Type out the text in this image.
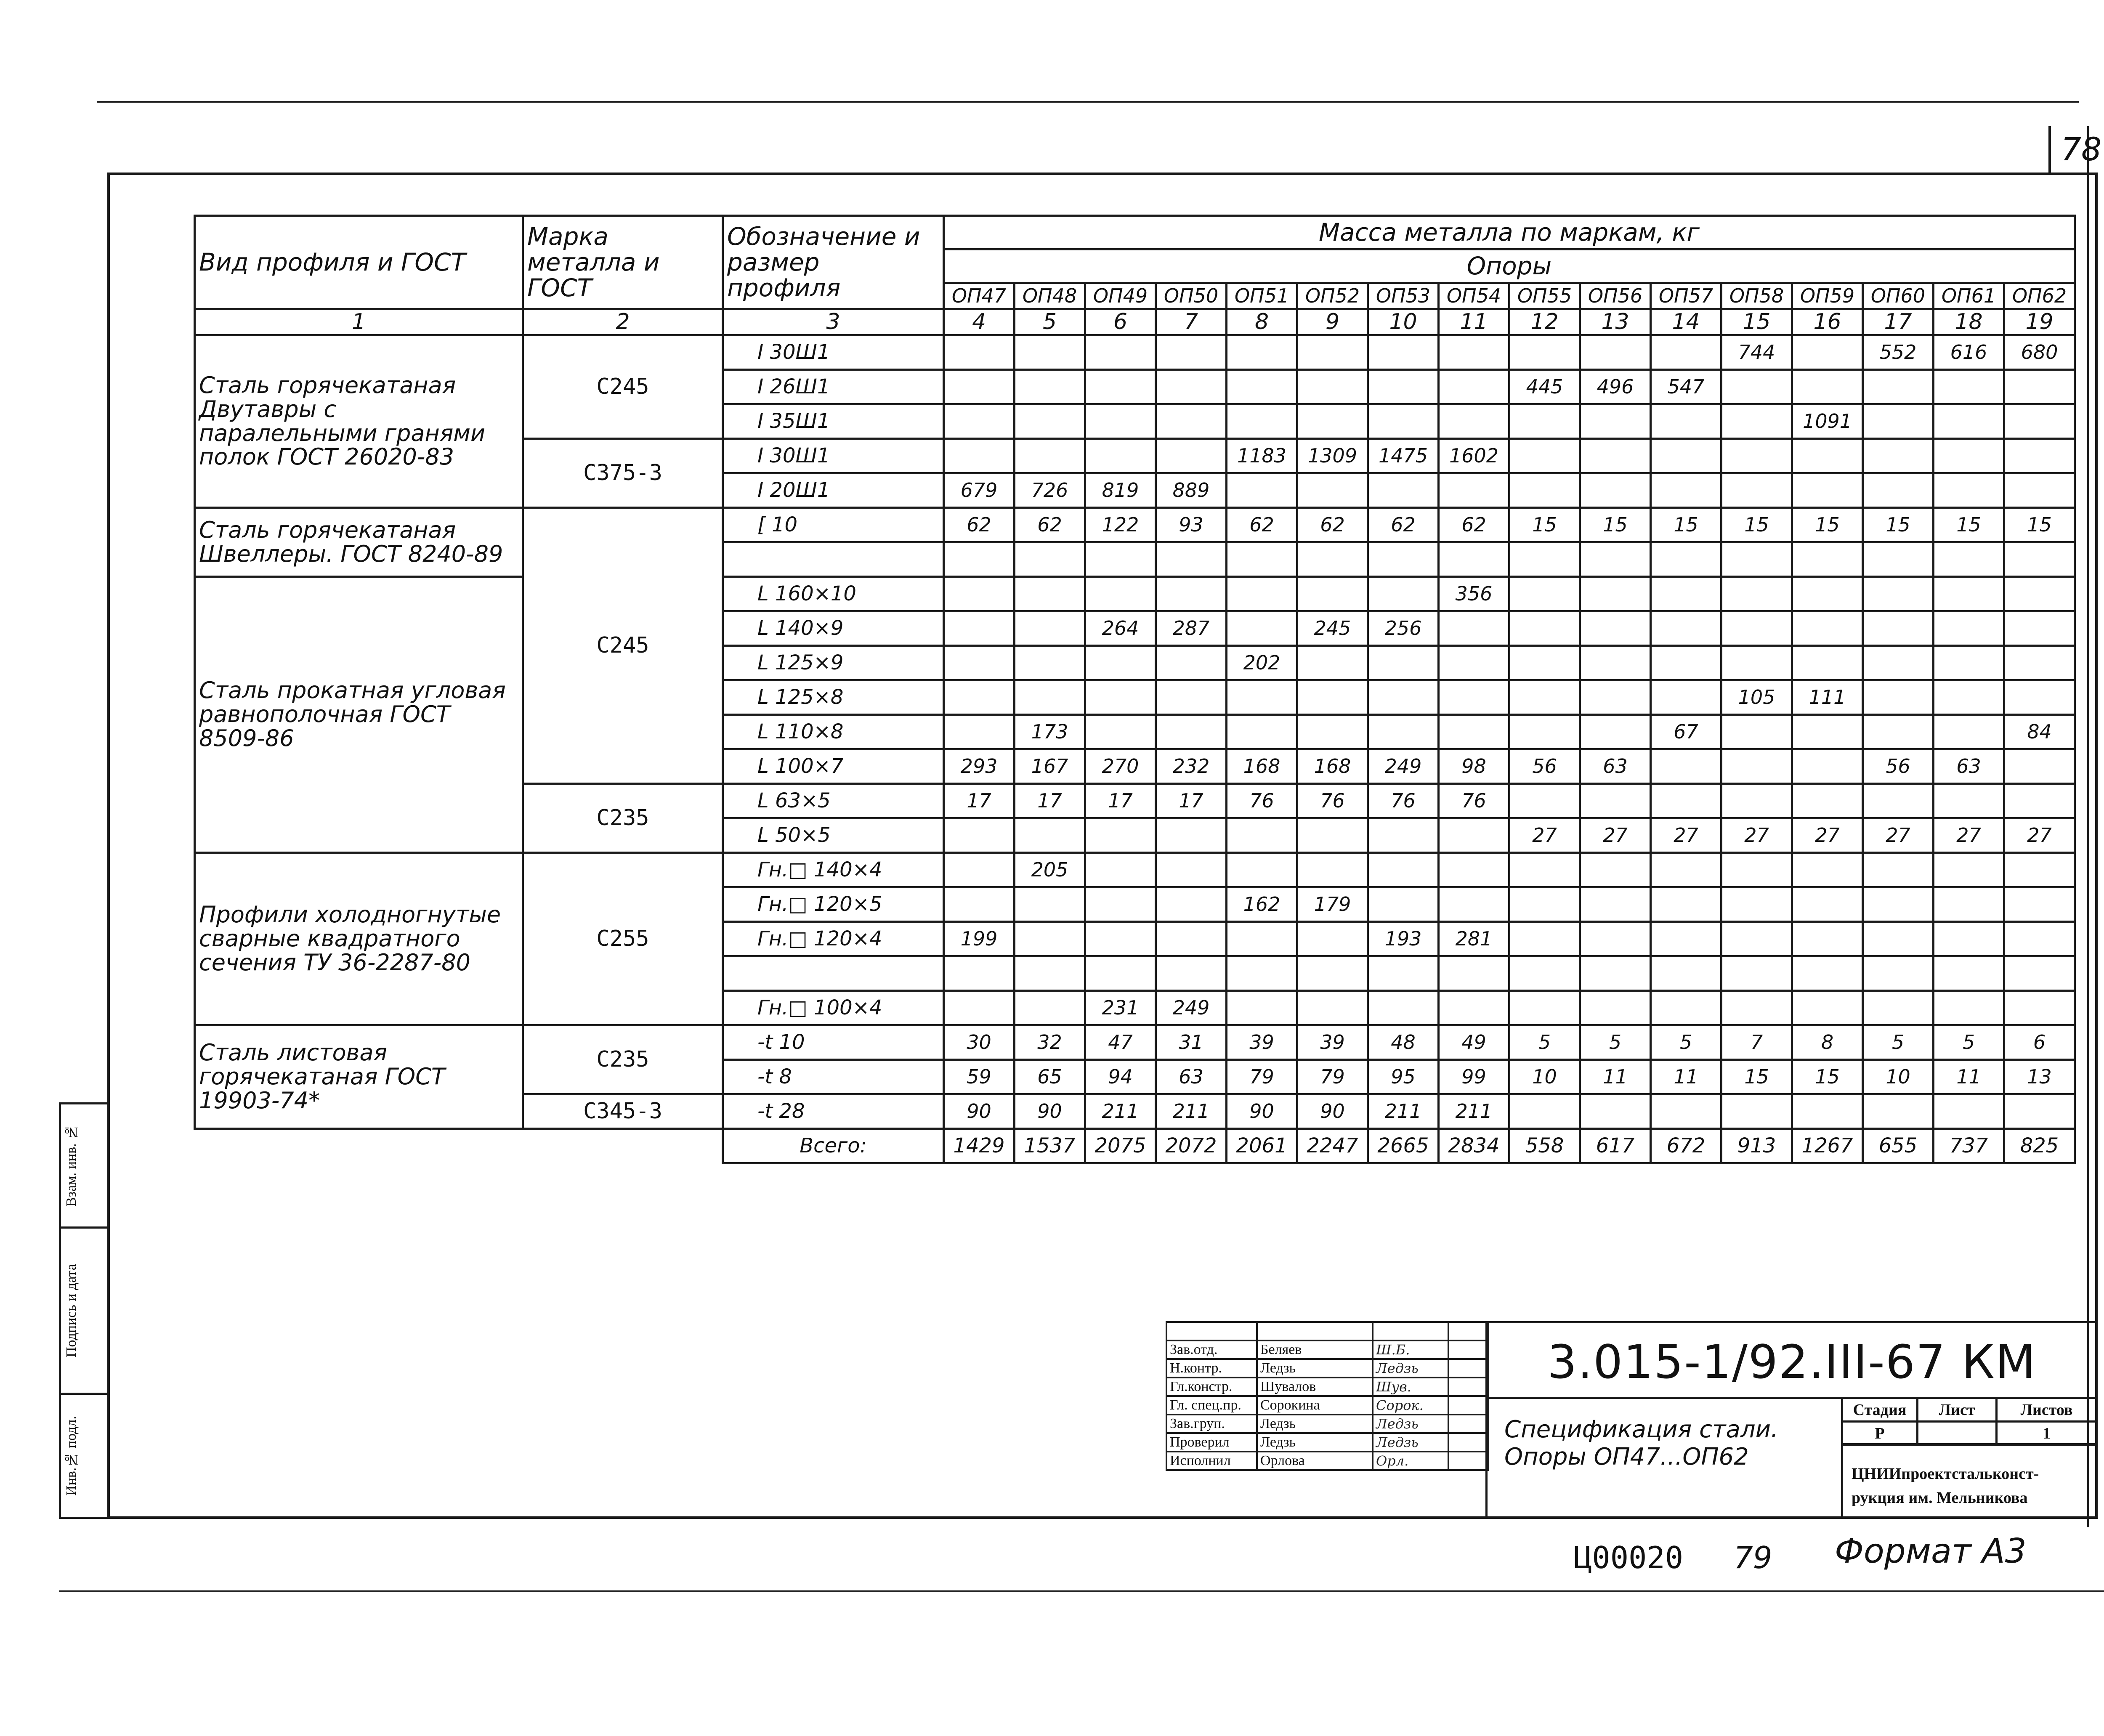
78
Взам. инв. №
Подпись и дата
Инв.№ подл.
Вид профиля и ГОСТ	Марка металла и ГОСТ	Обозначение и размер профиля	Масса металла по маркам, кг															
			Опоры															
			ОП47	ОП48	ОП49	ОП50	ОП51	ОП52	ОП53	ОП54	ОП55	ОП56	ОП57	ОП58	ОП59	ОП60	ОП61	ОП62
1	2	3	4	5	6	7	8	9	10	11	12	13	14	15	16	17	18	19
Сталь горячекатаная Двутавры с паралельными гранями полок ГОСТ 26020-83	С245	I 30Ш1												744		552	616	680
		I 26Ш1									445	496	547					
		I 35Ш1													1091			
	С375-3	I 30Ш1					1183	1309	1475	1602								
		I 20Ш1	679	726	819	889												
Сталь горячекатаная Швеллеры. ГОСТ 8240-89	С245	[ 10	62	62	122	93	62	62	62	62	15	15	15	15	15	15	15	15

Сталь прокатная угловая равнополочная ГОСТ 8509-86		L 160×10								356								
		L 140×9			264	287		245	256									
		L 125×9					202											
		L 125×8												105	111			
		L 110×8		173									67					84
		L 100×7	293	167	270	232	168	168	249	98	56	63				56	63	
	С235	L 63×5	17	17	17	17	76	76	76	76								
		L 50×5									27	27	27	27	27	27	27	27
Профили холодногнутые сварные квадратного сечения ТУ 36-2287-80	С255	Гн.□ 140×4		205														
		Гн.□ 120×5					162	179										
		Гн.□ 120×4	199						193	281								

		Гн.□ 100×4			231	249												
Сталь листовая горячекатаная ГОСТ 19903-74*	С235	-t 10	30	32	47	31	39	39	48	49	5	5	5	7	8	5	5	6
		-t 8	59	65	94	63	79	79	95	99	10	11	11	15	15	10	11	13
	С345-3	-t 28	90	90	211	211	90	90	211	211								
		Всего:	1429	1537	2075	2072	2061	2247	2665	2834	558	617	672	913	1267	655	737	825

Зав.отд.	Беляев	Ш.Б.	
Н.контр.	Ледзь	Ледзь	
Гл.констр.	Шувалов	Шув.	
Гл. спец.пр.	Сорокина	Сорок.	
Зав.груп.	Ледзь	Ледзь	
Проверил	Ледзь	Ледзь	
Исполнил	Орлова	Орл.	
3.015-1/92.III-67 КМ
Спецификация стали.
Опоры ОП47...ОП62
Стадия	Лист	Листов
Р		1
ЦНИИпроектстальконст-
рукция им. Мельникова
Ц00020 79 Формат А3
